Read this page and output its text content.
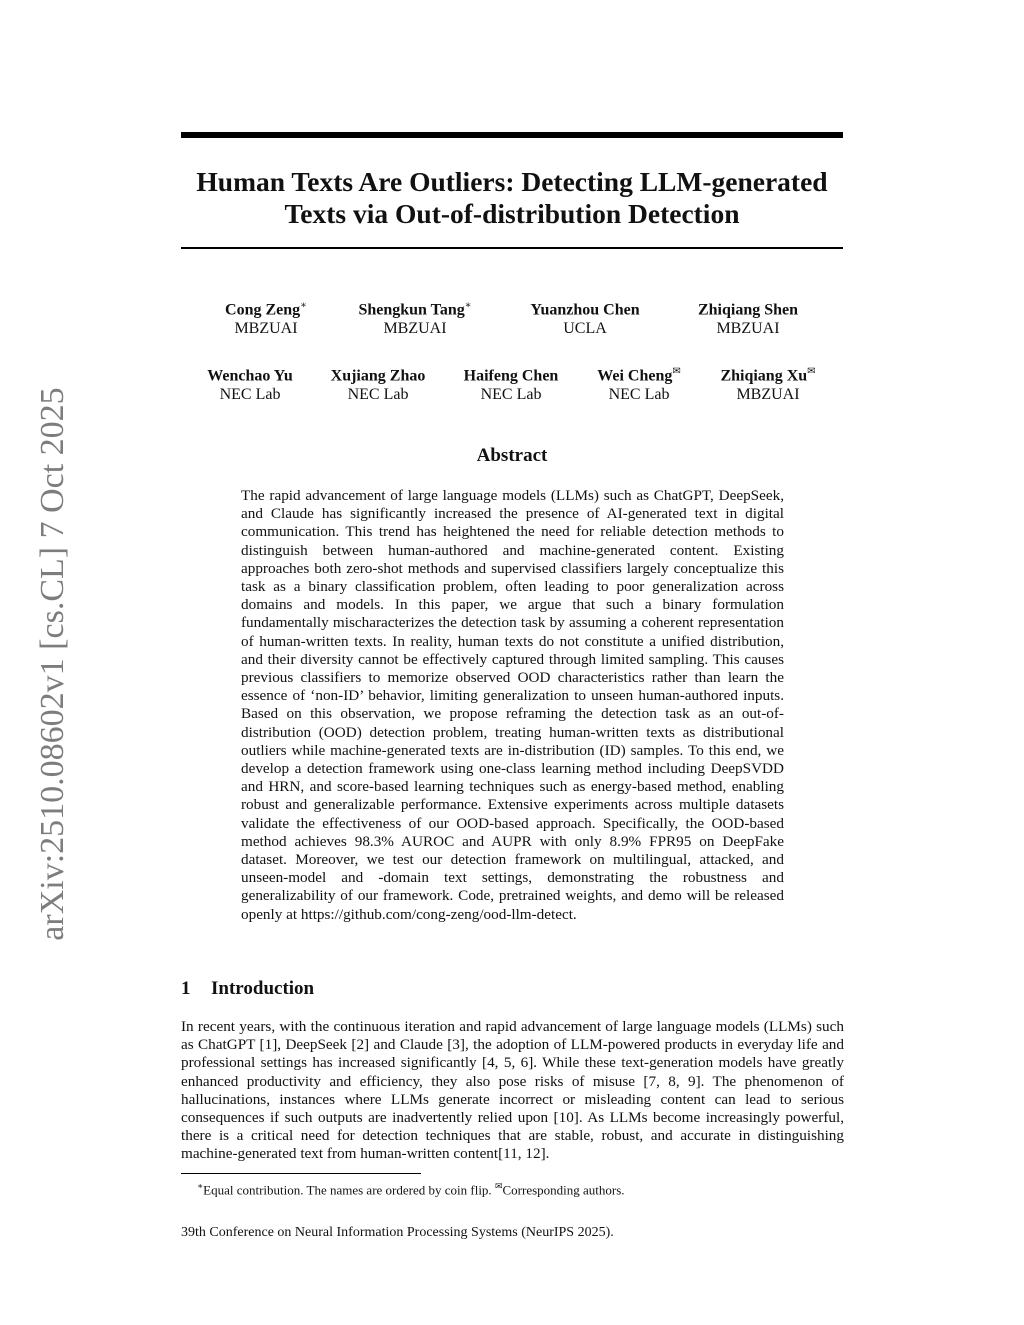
arXiv:2510.08602v1 [cs.CL] 7 Oct 2025
Human Texts Are Outliers: Detecting LLM-generated
Texts via Out-of-distribution Detection
Cong Zeng∗
MBZUAI
Shengkun Tang∗
MBZUAI
Yuanzhou Chen
UCLA
Zhiqiang Shen
MBZUAI
Wenchao Yu
NEC Lab
Xujiang Zhao
NEC Lab
Haifeng Chen
NEC Lab
Wei Cheng✉
NEC Lab
Zhiqiang Xu✉
MBZUAI
Abstract

The rapid advancement of large language models (LLMs) such as ChatGPT, DeepSeek, and Claude has significantly increased the presence of AI-generated text in digital communication. This trend has heightened the need for reliable detection methods to distinguish between human-authored and machine-generated content. Existing approaches both zero-shot methods and supervised classifiers largely conceptualize this task as a binary classification problem, often leading to poor generalization across domains and models. In this paper, we argue that such a binary formulation fundamentally mischaracterizes the detection task by assuming a coherent representation of human-written texts. In reality, human texts do not constitute a unified distribution, and their diversity cannot be effectively captured through limited sampling. This causes previous classifiers to memorize observed OOD characteristics rather than learn the essence of ‘non-ID’ behavior, limiting generalization to unseen human-authored inputs. Based on this observation, we propose reframing the detection task as an out-of-distribution (OOD) detection problem, treating human-written texts as distributional outliers while machine-generated texts are in-distribution (ID) samples. To this end, we develop a detection framework using one-class learning method including DeepSVDD and HRN, and score-based learning techniques such as energy-based method, enabling robust and generalizable performance. Extensive experiments across multiple datasets validate the effectiveness of our OOD-based approach. Specifically, the OOD-based method achieves 98.3% AUROC and AUPR with only 8.9% FPR95 on DeepFake dataset. Moreover, we test our detection framework on multilingual, attacked, and unseen-model and -domain text settings, demonstrating the robustness and generalizability of our framework. Code, pretrained weights, and demo will be released openly at https://github.com/cong-zeng/ood-llm-detect.

1 Introduction

In recent years, with the continuous iteration and rapid advancement of large language models (LLMs) such as ChatGPT [1], DeepSeek [2] and Claude [3], the adoption of LLM-powered products in everyday life and professional settings has increased significantly [4, 5, 6]. While these text-generation models have greatly enhanced productivity and efficiency, they also pose risks of misuse [7, 8, 9]. The phenomenon of hallucinations, instances where LLMs generate incorrect or misleading content can lead to serious consequences if such outputs are inadvertently relied upon [10]. As LLMs become increasingly powerful, there is a critical need for detection techniques that are stable, robust, and accurate in distinguishing machine-generated text from human-written content[11, 12].

∗Equal contribution. The names are ordered by coin flip. ✉Corresponding authors.
39th Conference on Neural Information Processing Systems (NeurIPS 2025).
